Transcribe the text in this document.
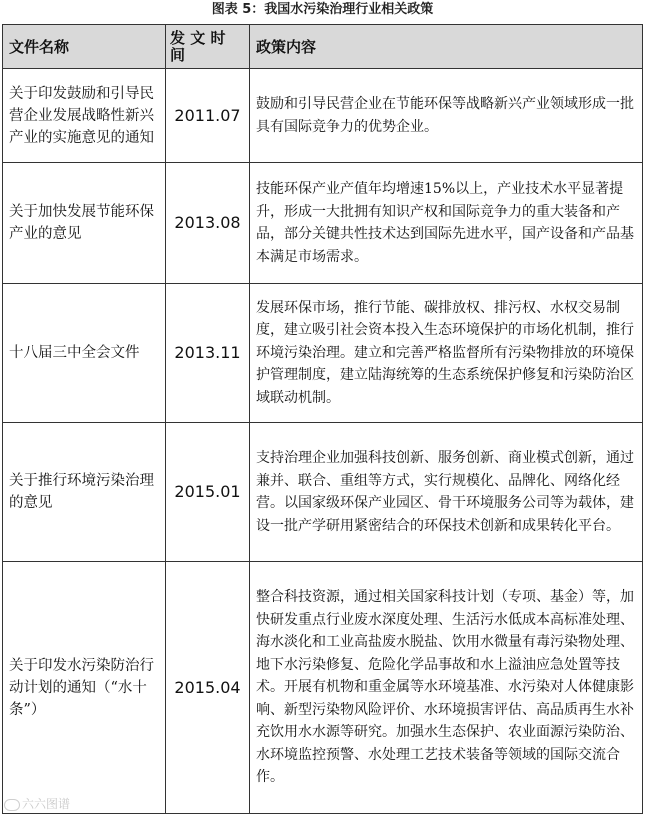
图表 5：我国水污染治理行业相关政策
文件名称	发 文 时 间	政策内容
关于印发鼓励和引导民营企业发展战略性新兴产业的实施意见的通知	2011.07	鼓励和引导民营企业在节能环保等战略新兴产业领域形成一批具有国际竞争力的优势企业。
关于加快发展节能环保产业的意见	2013.08	技能环保产业产值年均增速15%以上，产业技术水平显著提升，形成一大批拥有知识产权和国际竞争力的重大装备和产品，部分关键共性技术达到国际先进水平，国产设备和产品基本满足市场需求。
十八届三中全会文件	2013.11	发展环保市场，推行节能、碳排放权、排污权、水权交易制度，建立吸引社会资本投入生态环境保护的市场化机制，推行环境污染治理。建立和完善严格监督所有污染物排放的环境保护管理制度，建立陆海统筹的生态系统保护修复和污染防治区域联动机制。
关于推行环境污染治理的意见	2015.01	支持治理企业加强科技创新、服务创新、商业模式创新，通过兼并、联合、重组等方式，实行规模化、品牌化、网络化经营。以国家级环保产业园区、骨干环境服务公司等为载体，建设一批产学研用紧密结合的环保技术创新和成果转化平台。
关于印发水污染防治行动计划的通知（“水十条”）	2015.04	整合科技资源，通过相关国家科技计划（专项、基金）等，加快研发重点行业废水深度处理、生活污水低成本高标准处理、海水淡化和工业高盐废水脱盐、饮用水微量有毒污染物处理、地下水污染修复、危险化学品事故和水上溢油应急处置等技术。开展有机物和重金属等水环境基准、水污染对人体健康影响、新型污染物风险评价、水环境损害评估、高品质再生水补充饮用水水源等研究。加强水生态保护、农业面源污染防治、水环境监控预警、水处理工艺技术装备等领域的国际交流合作。
六六图谱
